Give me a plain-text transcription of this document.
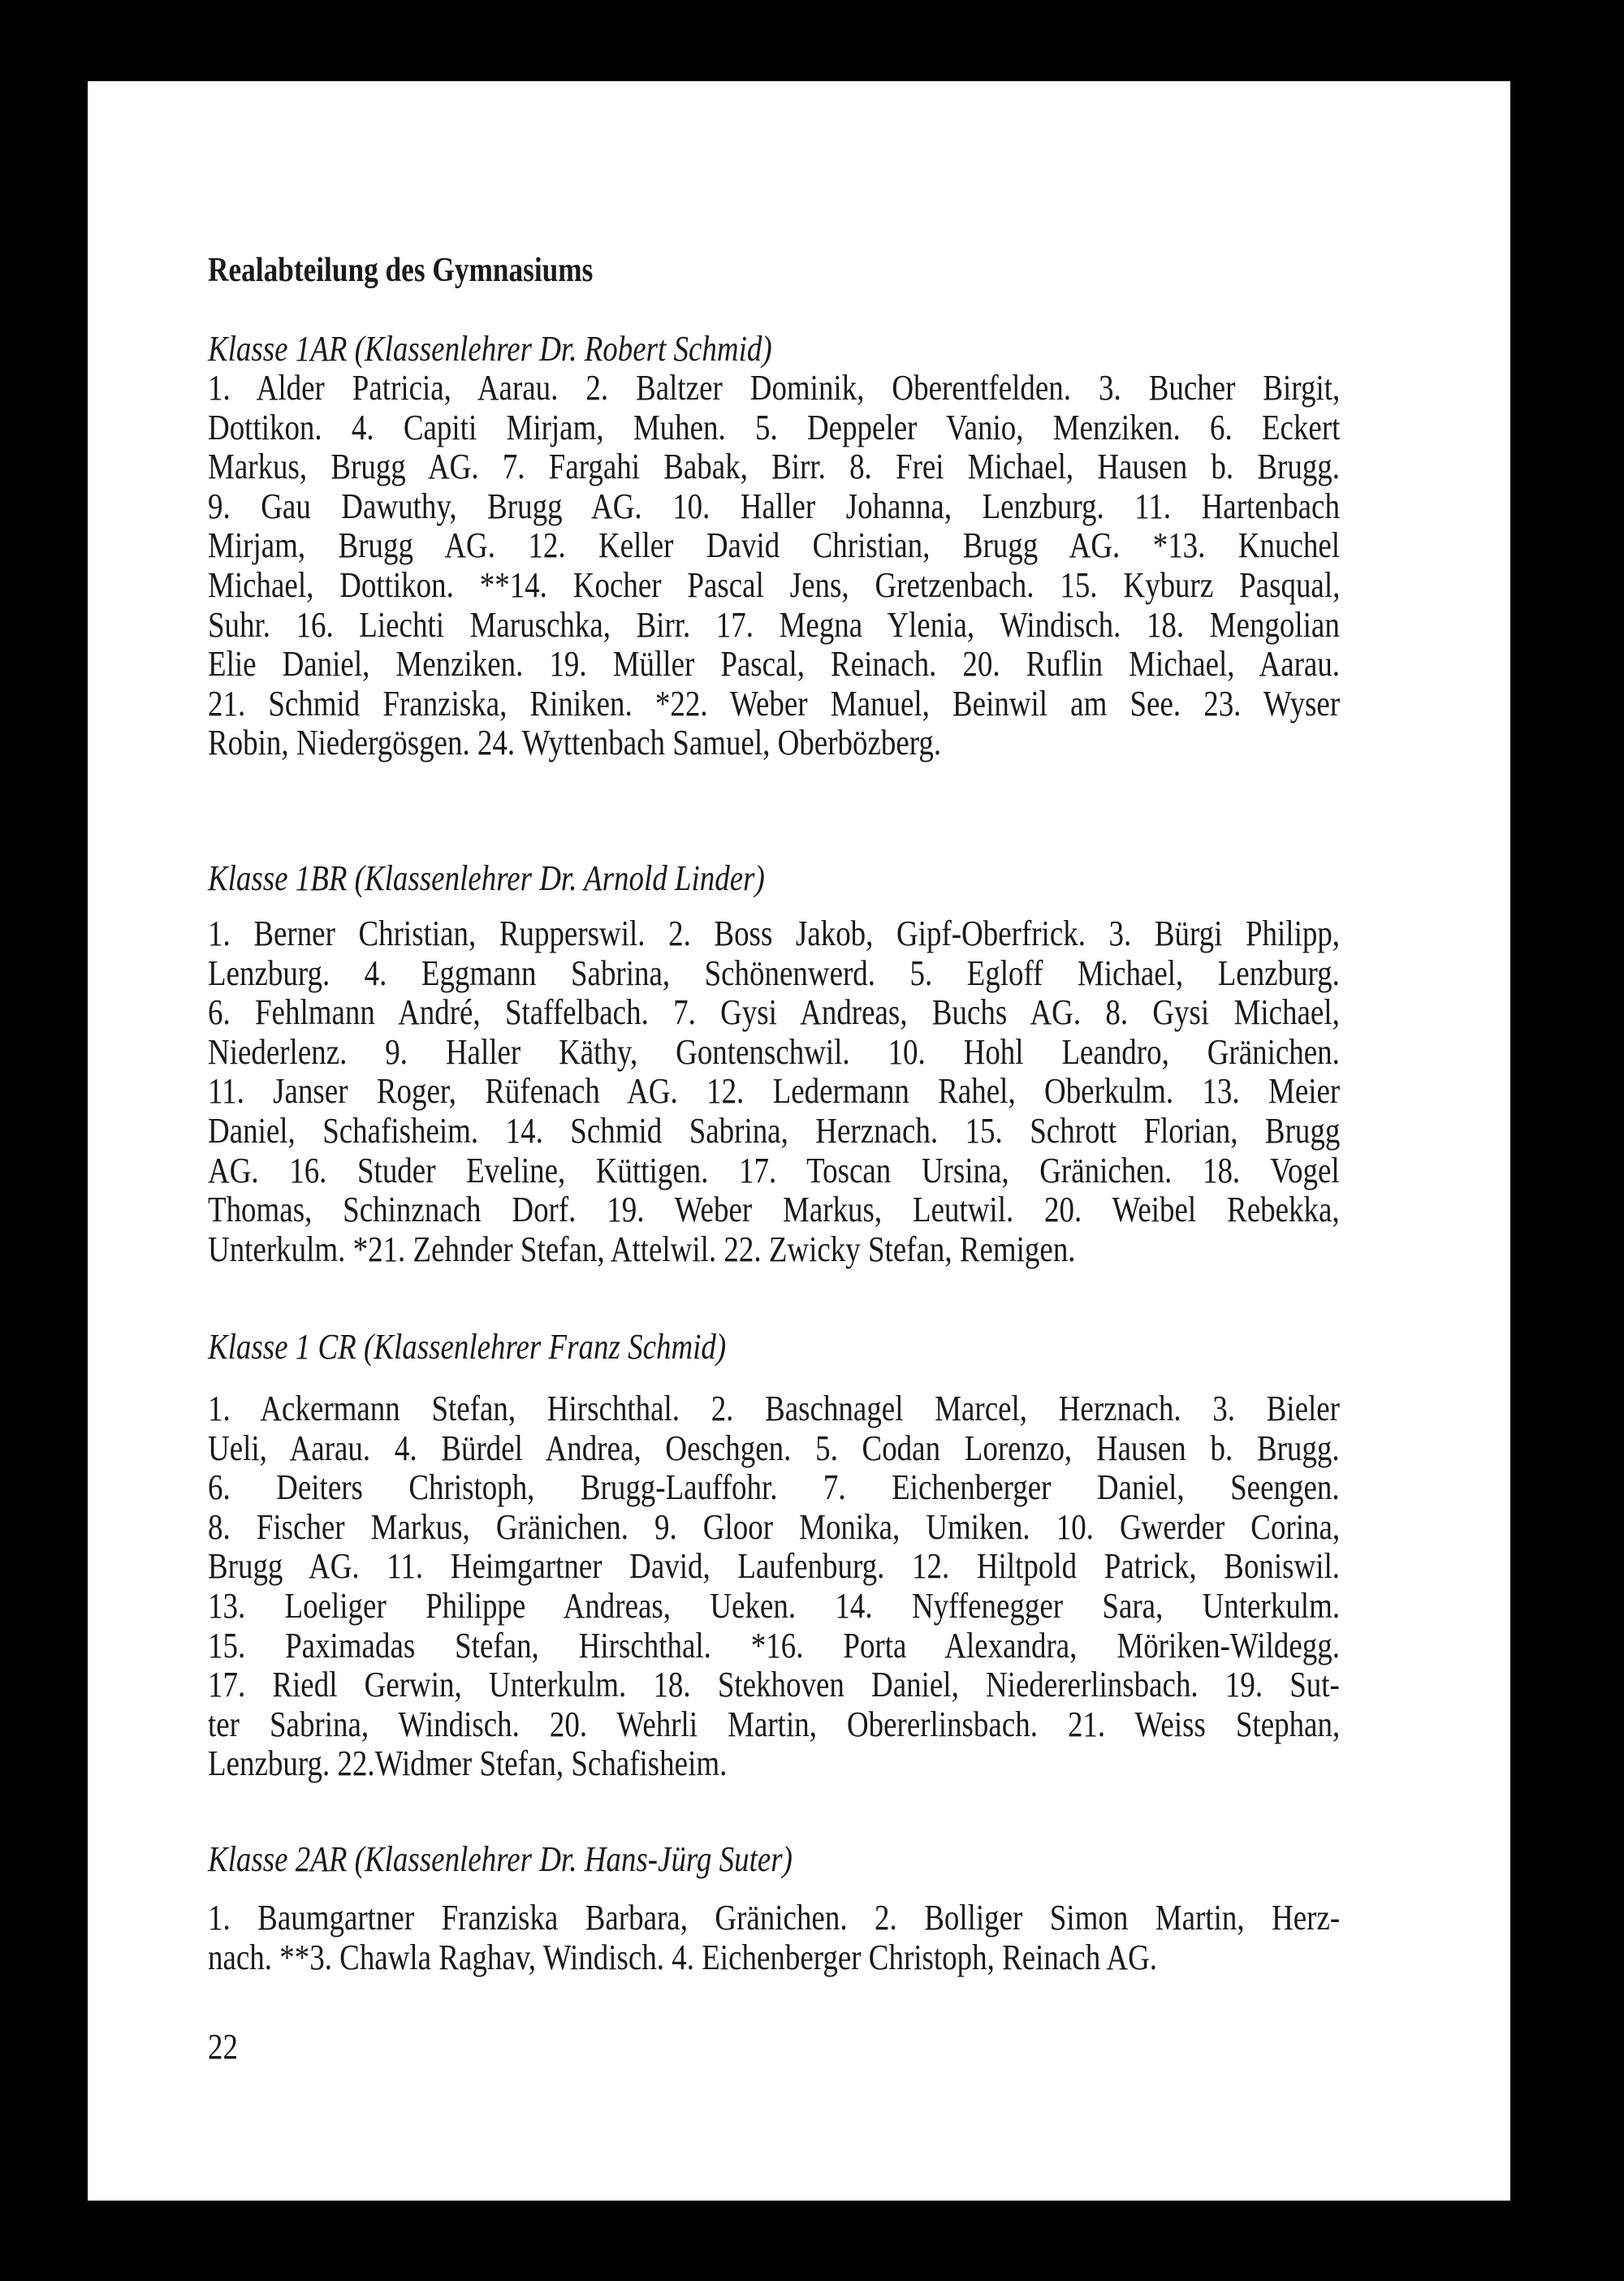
Realabteilung des Gymnasiums
Klasse 1AR (Klassenlehrer Dr. Robert Schmid)
1. Alder Patricia, Aarau. 2. Baltzer Dominik, Oberentfelden. 3. Bucher Birgit,
Dottikon. 4. Capiti Mirjam, Muhen. 5. Deppeler Vanio, Menziken. 6. Eckert
Markus, Brugg AG. 7. Fargahi Babak, Birr. 8. Frei Michael, Hausen b. Brugg.
9. Gau Dawuthy, Brugg AG. 10. Haller Johanna, Lenzburg. 11. Hartenbach
Mirjam, Brugg AG. 12. Keller David Christian, Brugg AG. *13. Knuchel
Michael, Dottikon. **14. Kocher Pascal Jens, Gretzenbach. 15. Kyburz Pasqual,
Suhr. 16. Liechti Maruschka, Birr. 17. Megna Ylenia, Windisch. 18. Mengolian
Elie Daniel, Menziken. 19. Müller Pascal, Reinach. 20. Ruflin Michael, Aarau.
21. Schmid Franziska, Riniken. *22. Weber Manuel, Beinwil am See. 23. Wyser
Robin, Niedergösgen. 24. Wyttenbach Samuel, Oberbözberg.
Klasse 1BR (Klassenlehrer Dr. Arnold Linder)
1. Berner Christian, Rupperswil. 2. Boss Jakob, Gipf-Oberfrick. 3. Bürgi Philipp,
Lenzburg. 4. Eggmann Sabrina, Schönenwerd. 5. Egloff Michael, Lenzburg.
6. Fehlmann André, Staffelbach. 7. Gysi Andreas, Buchs AG. 8. Gysi Michael,
Niederlenz. 9. Haller Käthy, Gontenschwil. 10. Hohl Leandro, Gränichen.
11. Janser Roger, Rüfenach AG. 12. Ledermann Rahel, Oberkulm. 13. Meier
Daniel, Schafisheim. 14. Schmid Sabrina, Herznach. 15. Schrott Florian, Brugg
AG. 16. Studer Eveline, Küttigen. 17. Toscan Ursina, Gränichen. 18. Vogel
Thomas, Schinznach Dorf. 19. Weber Markus, Leutwil. 20. Weibel Rebekka,
Unterkulm. *21. Zehnder Stefan, Attelwil. 22. Zwicky Stefan, Remigen.
Klasse 1 CR (Klassenlehrer Franz Schmid)
1. Ackermann Stefan, Hirschthal. 2. Baschnagel Marcel, Herznach. 3. Bieler
Ueli, Aarau. 4. Bürdel Andrea, Oeschgen. 5. Codan Lorenzo, Hausen b. Brugg.
6. Deiters Christoph, Brugg-Lauffohr. 7. Eichenberger Daniel, Seengen.
8. Fischer Markus, Gränichen. 9. Gloor Monika, Umiken. 10. Gwerder Corina,
Brugg AG. 11. Heimgartner David, Laufenburg. 12. Hiltpold Patrick, Boniswil.
13. Loeliger Philippe Andreas, Ueken. 14. Nyffenegger Sara, Unterkulm.
15. Paximadas Stefan, Hirschthal. *16. Porta Alexandra, Möriken-Wildegg.
17. Riedl Gerwin, Unterkulm. 18. Stekhoven Daniel, Niedererlinsbach. 19. Sut-
ter Sabrina, Windisch. 20. Wehrli Martin, Obererlinsbach. 21. Weiss Stephan,
Lenzburg. 22.Widmer Stefan, Schafisheim.
Klasse 2AR (Klassenlehrer Dr. Hans-Jürg Suter)
1. Baumgartner Franziska Barbara, Gränichen. 2. Bolliger Simon Martin, Herz-
nach. **3. Chawla Raghav, Windisch. 4. Eichenberger Christoph, Reinach AG.
22
